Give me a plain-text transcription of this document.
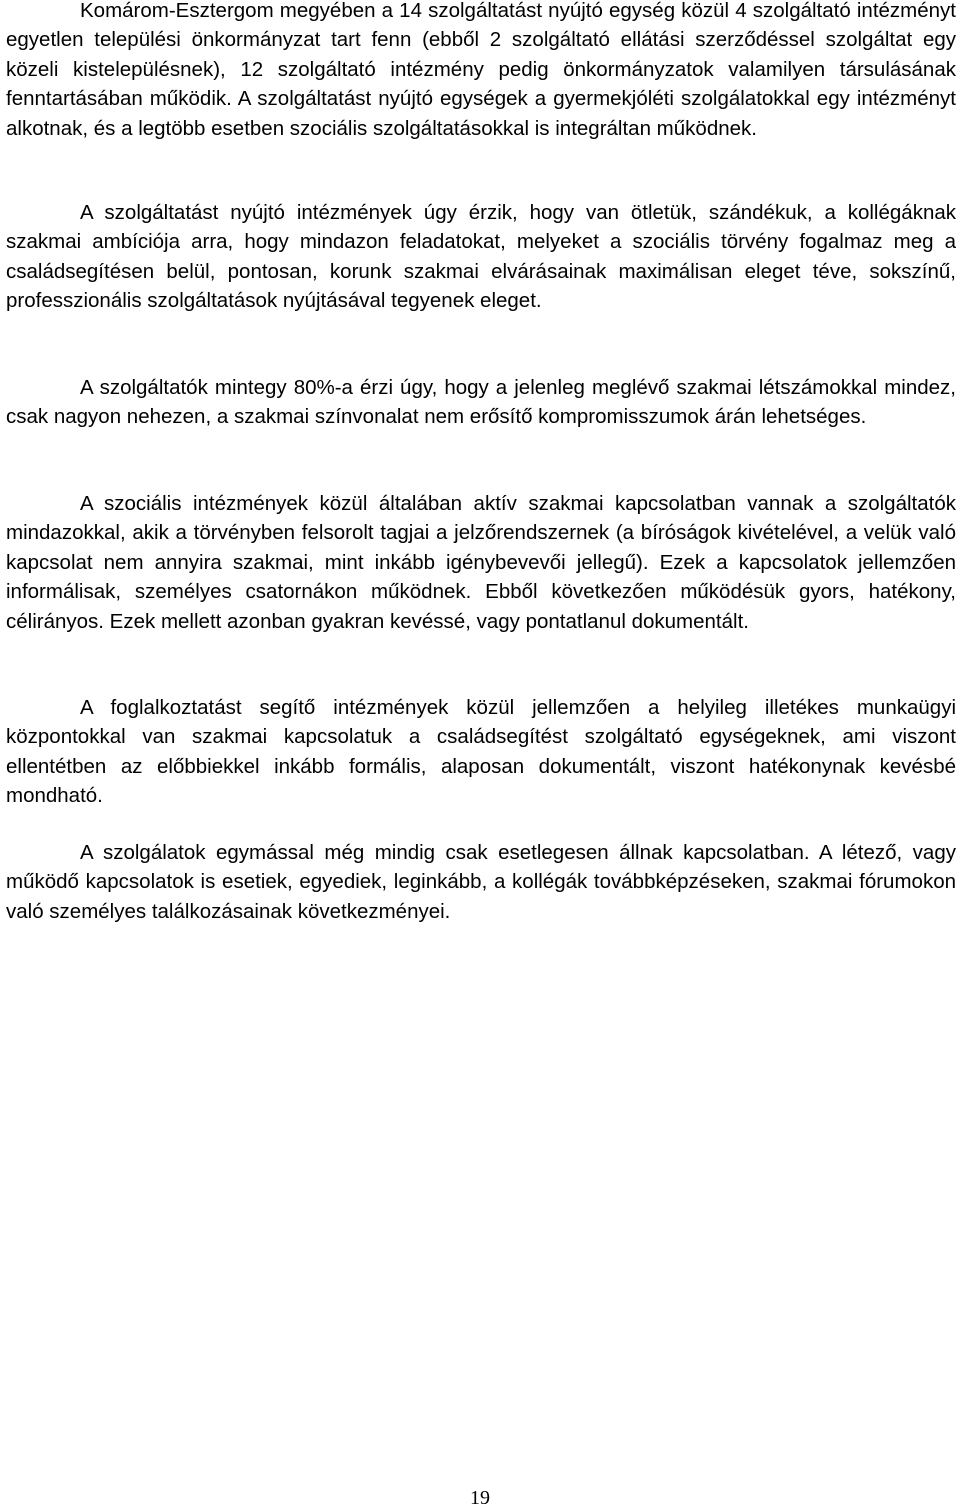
Komárom-Esztergom megyében a 14 szolgáltatást nyújtó egység közül 4 szolgáltató intézményt egyetlen települési önkormányzat tart fenn (ebből 2 szolgáltató ellátási szerződéssel szolgáltat egy közeli kistelepülésnek), 12 szolgáltató intézmény pedig önkormányzatok valamilyen társulásának fenntartásában működik. A szolgáltatást nyújtó egységek a gyermekjóléti szolgálatokkal egy intézményt alkotnak, és a legtöbb esetben szociális szolgáltatásokkal is integráltan működnek.

A szolgáltatást nyújtó intézmények úgy érzik, hogy van ötletük, szándékuk, a kollégáknak szakmai ambíciója arra, hogy mindazon feladatokat, melyeket a szociális törvény fogalmaz meg a családsegítésen belül, pontosan, korunk szakmai elvárásainak maximálisan eleget téve, sokszínű, professzionális szolgáltatások nyújtásával tegyenek eleget.

A szolgáltatók mintegy 80%-a érzi úgy, hogy a jelenleg meglévő szakmai létszámokkal mindez, csak nagyon nehezen, a szakmai színvonalat nem erősítő kompromisszumok árán lehetséges.

A szociális intézmények közül általában aktív szakmai kapcsolatban vannak a szolgáltatók mindazokkal, akik a törvényben felsorolt tagjai a jelzőrendszernek (a bíróságok kivételével, a velük való kapcsolat nem annyira szakmai, mint inkább igénybevevői jellegű). Ezek a kapcsolatok jellemzően informálisak, személyes csatornákon működnek. Ebből következően működésük gyors, hatékony, célirányos. Ezek mellett azonban gyakran kevéssé, vagy pontatlanul dokumentált.

A foglalkoztatást segítő intézmények közül jellemzően a helyileg illetékes munkaügyi központokkal van szakmai kapcsolatuk a családsegítést szolgáltató egységeknek, ami viszont ellentétben az előbbiekkel inkább formális, alaposan dokumentált, viszont hatékonynak kevésbé mondható.

A szolgálatok egymással még mindig csak esetlegesen állnak kapcsolatban. A létező, vagy működő kapcsolatok is esetiek, egyediek, leginkább, a kollégák továbbképzéseken, szakmai fórumokon való személyes találkozásainak következményei.

19
